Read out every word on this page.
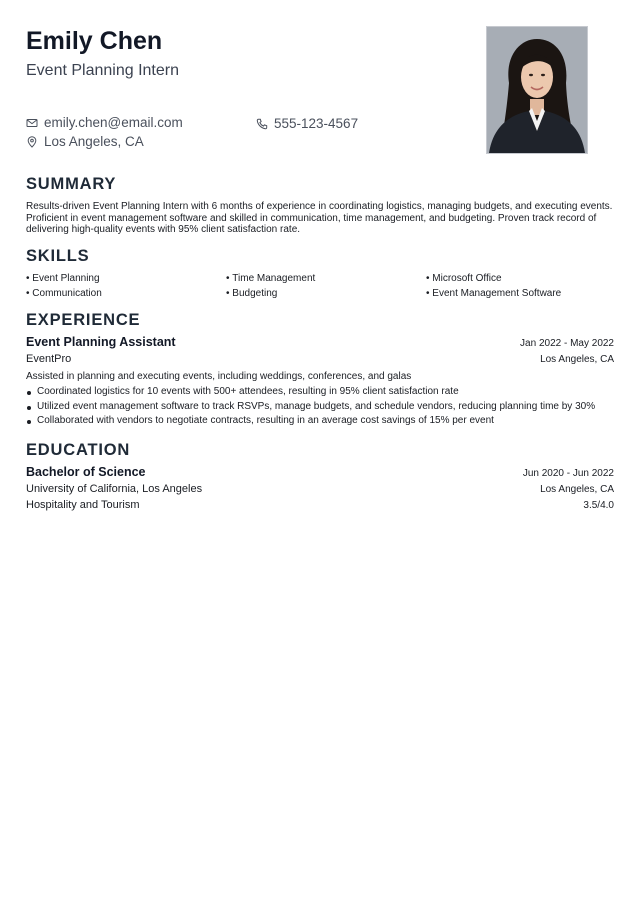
Emily Chen
Event Planning Intern
emily.chen@email.com	555-123-4567
Los Angeles, CA
SUMMARY
Results-driven Event Planning Intern with 6 months of experience in coordinating logistics, managing budgets, and executing events. Proficient in event management software and skilled in communication, time management, and budgeting. Proven track record of delivering high-quality events with 95% client satisfaction rate.
SKILLS
• Event Planning	• Time Management	• Microsoft Office
• Communication	• Budgeting	• Event Management Software
EXPERIENCE
Event Planning Assistant	Jan 2022 - May 2022
EventPro	Los Angeles, CA
Assisted in planning and executing events, including weddings, conferences, and galas
Coordinated logistics for 10 events with 500+ attendees, resulting in 95% client satisfaction rate
Utilized event management software to track RSVPs, manage budgets, and schedule vendors, reducing planning time by 30%
Collaborated with vendors to negotiate contracts, resulting in an average cost savings of 15% per event
EDUCATION
Bachelor of Science	Jun 2020 - Jun 2022
University of California, Los Angeles	Los Angeles, CA
Hospitality and Tourism	3.5/4.0
